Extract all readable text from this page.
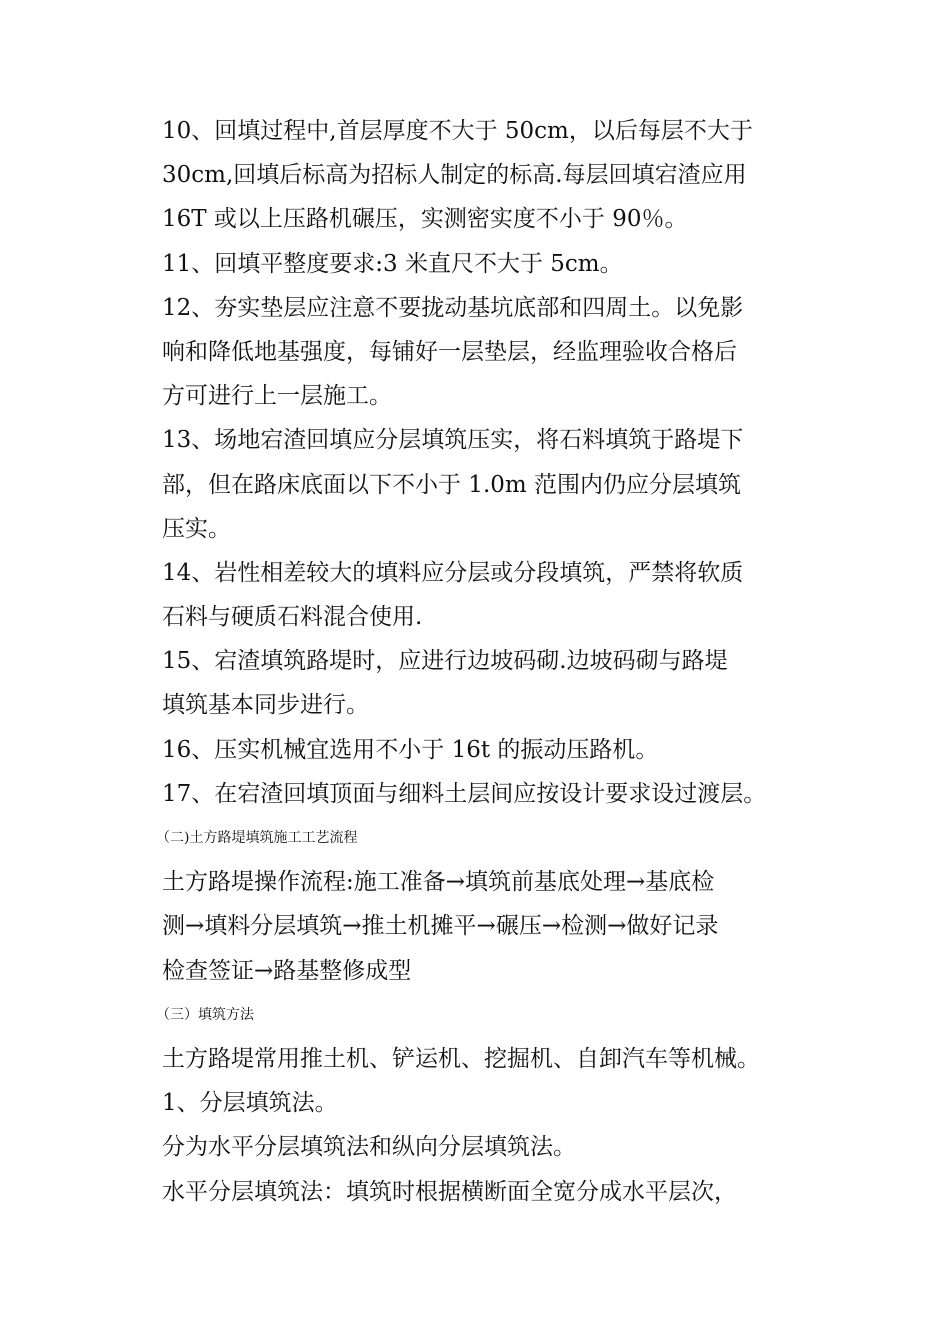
10、回填过程中,首层厚度不大于 50cm，以后每层不大于
30cm,回填后标高为招标人制定的标高.每层回填宕渣应用
16T 或以上压路机碾压，实测密实度不小于 90％。
11、回填平整度要求:3 米直尺不大于 5cm。
12、夯实垫层应注意不要拢动基坑底部和四周土。以免影
响和降低地基强度，每铺好一层垫层，经监理验收合格后
方可进行上一层施工。
13、场地宕渣回填应分层填筑压实，将石料填筑于路堤下
部，但在路床底面以下不小于 1.0m 范围内仍应分层填筑
压实。
14、岩性相差较大的填料应分层或分段填筑，严禁将软质
石料与硬质石料混合使用.
15、宕渣填筑路堤时，应进行边坡码砌.边坡码砌与路堤
填筑基本同步进行。
16、压实机械宜选用不小于 16t 的振动压路机。
17、在宕渣回填顶面与细料土层间应按设计要求设过渡层。
（二)土方路堤填筑施工工艺流程
土方路堤操作流程:施工准备→填筑前基底处理→基底检
测→填料分层填筑→推土机摊平→碾压→检测→做好记录
检查签证→路基整修成型
（三）填筑方法
土方路堤常用推土机、铲运机、挖掘机、自卸汽车等机械。
1、分层填筑法。
分为水平分层填筑法和纵向分层填筑法。
水平分层填筑法：填筑时根据横断面全宽分成水平层次，
